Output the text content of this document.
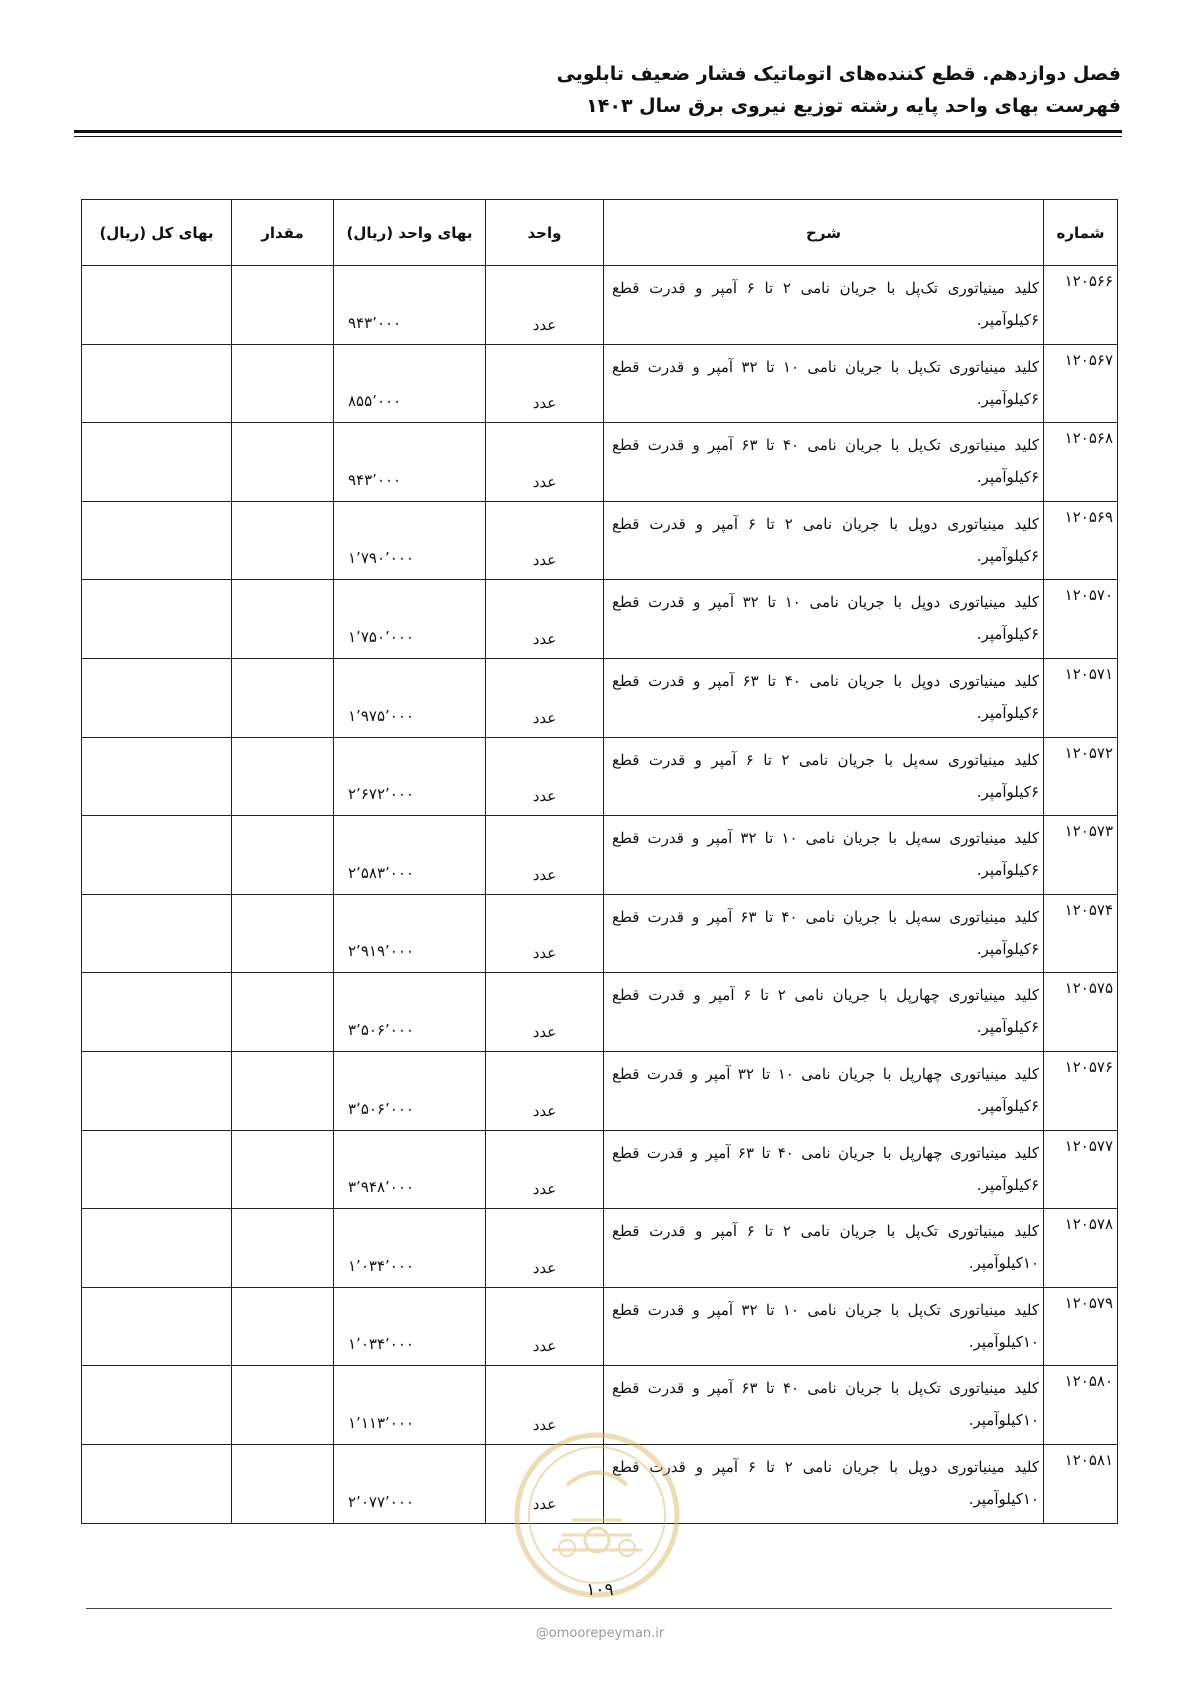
فصل دوازدهم. قطع کننده‌های اتوماتیک فشار ضعیف تابلویی
فهرست بهای واحد پایه رشته توزیع نیروی برق سال ۱۴۰۳
شماره	شرح	واحد	بهای واحد (ریال)	مقدار	بهای کل (ریال)
۱۲۰۵۶۶	کلید مینیاتوری تک‌پل با جریان نامی ۲ تا ۶ آمپر و قدرت قطع ۶کیلوآمپر.	عدد	۹۴۳٬۰۰۰		
۱۲۰۵۶۷	کلید مینیاتوری تک‌پل با جریان نامی ۱۰ تا ۳۲ آمپر و قدرت قطع ۶کیلوآمپر.	عدد	۸۵۵٬۰۰۰		
۱۲۰۵۶۸	کلید مینیاتوری تک‌پل با جریان نامی ۴۰ تا ۶۳ آمپر و قدرت قطع ۶کیلوآمپر.	عدد	۹۴۳٬۰۰۰		
۱۲۰۵۶۹	کلید مینیاتوری دوپل با جریان نامی ۲ تا ۶ آمپر و قدرت قطع ۶کیلوآمپر.	عدد	۱٬۷۹۰٬۰۰۰		
۱۲۰۵۷۰	کلید مینیاتوری دوپل با جریان نامی ۱۰ تا ۳۲ آمپر و قدرت قطع ۶کیلوآمپر.	عدد	۱٬۷۵۰٬۰۰۰		
۱۲۰۵۷۱	کلید مینیاتوری دوپل با جریان نامی ۴۰ تا ۶۳ آمپر و قدرت قطع ۶کیلوآمپر.	عدد	۱٬۹۷۵٬۰۰۰		
۱۲۰۵۷۲	کلید مینیاتوری سه‌پل با جریان نامی ۲ تا ۶ آمپر و قدرت قطع ۶کیلوآمپر.	عدد	۲٬۶۷۲٬۰۰۰		
۱۲۰۵۷۳	کلید مینیاتوری سه‌پل با جریان نامی ۱۰ تا ۳۲ آمپر و قدرت قطع ۶کیلوآمپر.	عدد	۲٬۵۸۳٬۰۰۰		
۱۲۰۵۷۴	کلید مینیاتوری سه‌پل با جریان نامی ۴۰ تا ۶۳ آمپر و قدرت قطع ۶کیلوآمپر.	عدد	۲٬۹۱۹٬۰۰۰		
۱۲۰۵۷۵	کلید مینیاتوری چهارپل با جریان نامی ۲ تا ۶ آمپر و قدرت قطع ۶کیلوآمپر.	عدد	۳٬۵۰۶٬۰۰۰		
۱۲۰۵۷۶	کلید مینیاتوری چهارپل با جریان نامی ۱۰ تا ۳۲ آمپر و قدرت قطع ۶کیلوآمپر.	عدد	۳٬۵۰۶٬۰۰۰		
۱۲۰۵۷۷	کلید مینیاتوری چهارپل با جریان نامی ۴۰ تا ۶۳ آمپر و قدرت قطع ۶کیلوآمپر.	عدد	۳٬۹۴۸٬۰۰۰		
۱۲۰۵۷۸	کلید مینیاتوری تک‌پل با جریان نامی ۲ تا ۶ آمپر و قدرت قطع ۱۰کیلوآمپر.	عدد	۱٬۰۳۴٬۰۰۰		
۱۲۰۵۷۹	کلید مینیاتوری تک‌پل با جریان نامی ۱۰ تا ۳۲ آمپر و قدرت قطع ۱۰کیلوآمپر.	عدد	۱٬۰۳۴٬۰۰۰		
۱۲۰۵۸۰	کلید مینیاتوری تک‌پل با جریان نامی ۴۰ تا ۶۳ آمپر و قدرت قطع ۱۰کیلوآمپر.	عدد	۱٬۱۱۳٬۰۰۰		
۱۲۰۵۸۱	کلید مینیاتوری دوپل با جریان نامی ۲ تا ۶ آمپر و قدرت قطع ۱۰کیلوآمپر.	عدد	۲٬۰۷۷٬۰۰۰		
۱۰۹
@omoorepeyman.ir
